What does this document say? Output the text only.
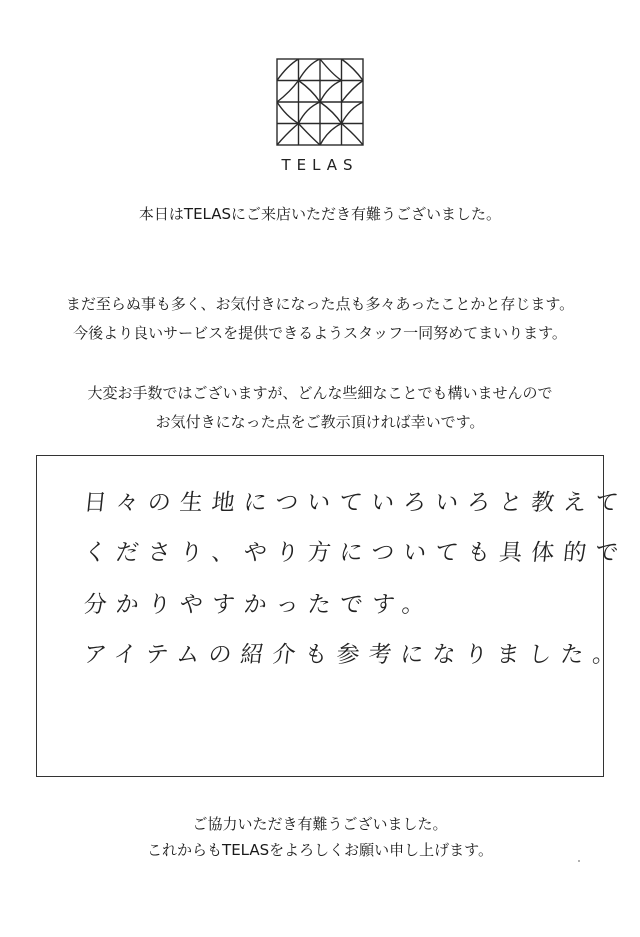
TELAS
本日はTELASにご来店いただき有難うございました。
まだ至らぬ事も多く、お気付きになった点も多々あったことかと存じます。
今後より良いサービスを提供できるようスタッフ一同努めてまいります。
大変お手数ではございますが、どんな些細なことでも構いませんので
お気付きになった点をご教示頂ければ幸いです。
日々の生地についていろいろと教えて
くださり、やり方についても具体的で
分かりやすかったです。
アイテムの紹介も参考になりました。
ご協力いただき有難うございました。
これからもTELASをよろしくお願い申し上げます。
